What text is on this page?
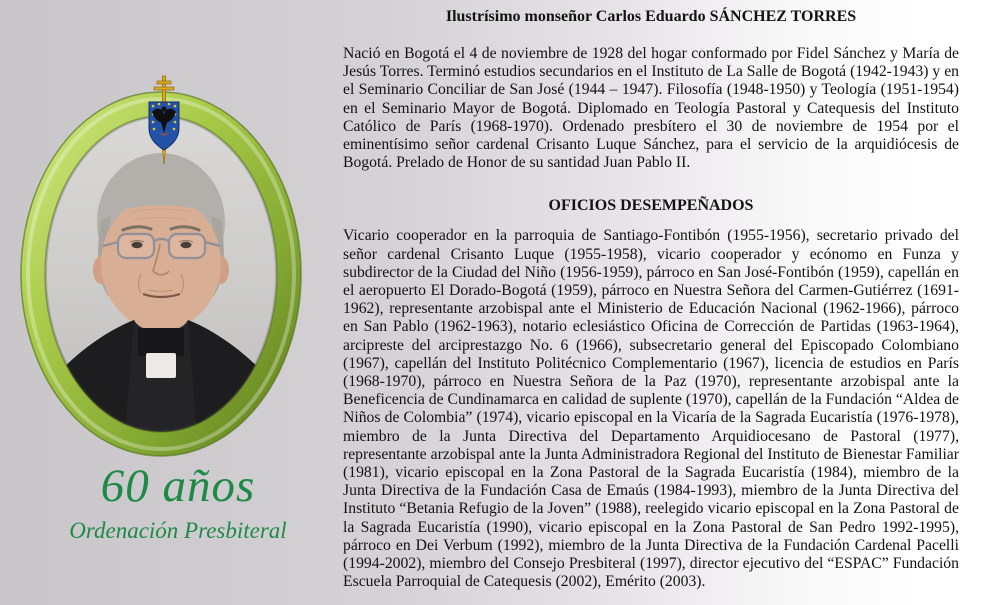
60 años
Ordenación Presbiteral
Ilustrísimo monseñor Carlos Eduardo SÁNCHEZ TORRES

Nació en Bogotá el 4 de noviembre de 1928 del hogar conformado por Fidel Sánchez y María de Jesús Torres. Terminó estudios secundarios en el Instituto de La Salle de Bogotá (1942-1943) y en el Seminario Conciliar de San José (1944 – 1947). Filosofía (1948-1950) y Teología (1951-1954) en el Seminario Mayor de Bogotá. Diplomado en Teología Pastoral y Catequesis del Instituto Católico de París (1968-1970). Ordenado presbítero el 30 de noviembre de 1954 por el eminentísimo señor cardenal Crisanto Luque Sánchez, para el servicio de la arquidiócesis de Bogotá. Prelado de Honor de su santidad Juan Pablo II.

OFICIOS DESEMPEÑADOS

Vicario cooperador en la parroquia de Santiago-Fontibón (1955-1956), secretario privado del señor cardenal Crisanto Luque (1955-1958), vicario cooperador y ecónomo en Funza y subdirector de la Ciudad del Niño (1956-1959), párroco en San José-Fontibón (1959), capellán en el aeropuerto El Dorado-Bogotá (1959), párroco en Nuestra Señora del Carmen-Gutiérrez (1691-1962), representante arzobispal ante el Ministerio de Educación Nacional (1962-1966), párroco en San Pablo (1962-1963), notario eclesiástico Oficina de Corrección de Partidas (1963-1964), arcipreste del arciprestazgo No. 6 (1966), subsecretario general del Episcopado Colombiano (1967), capellán del Instituto Politécnico Complementario (1967), licencia de estudios en París (1968-1970), párroco en Nuestra Señora de la Paz (1970), representante arzobispal ante la Beneficencia de Cundinamarca en calidad de suplente (1970), capellán de la Fundación “Aldea de Niños de Colombia” (1974), vicario episcopal en la Vicaría de la Sagrada Eucaristía (1976-1978), miembro de la Junta Directiva del Departamento Arquidiocesano de Pastoral (1977), representante arzobispal ante la Junta Administradora Regional del Instituto de Bienestar Familiar (1981), vicario episcopal en la Zona Pastoral de la Sagrada Eucaristía (1984), miembro de la Junta Directiva de la Fundación Casa de Emaús (1984-1993), miembro de la Junta Directiva del Instituto “Betania Refugio de la Joven” (1988), reelegido vicario episcopal en la Zona Pastoral de la Sagrada Eucaristía (1990), vicario episcopal en la Zona Pastoral de San Pedro 1992-1995), párroco en Dei Verbum (1992), miembro de la Junta Directiva de la Fundación Cardenal Pacelli (1994-2002), miembro del Consejo Presbiteral (1997), director ejecutivo del “ESPAC” Fundación Escuela Parroquial de Catequesis (2002), Emérito (2003).
